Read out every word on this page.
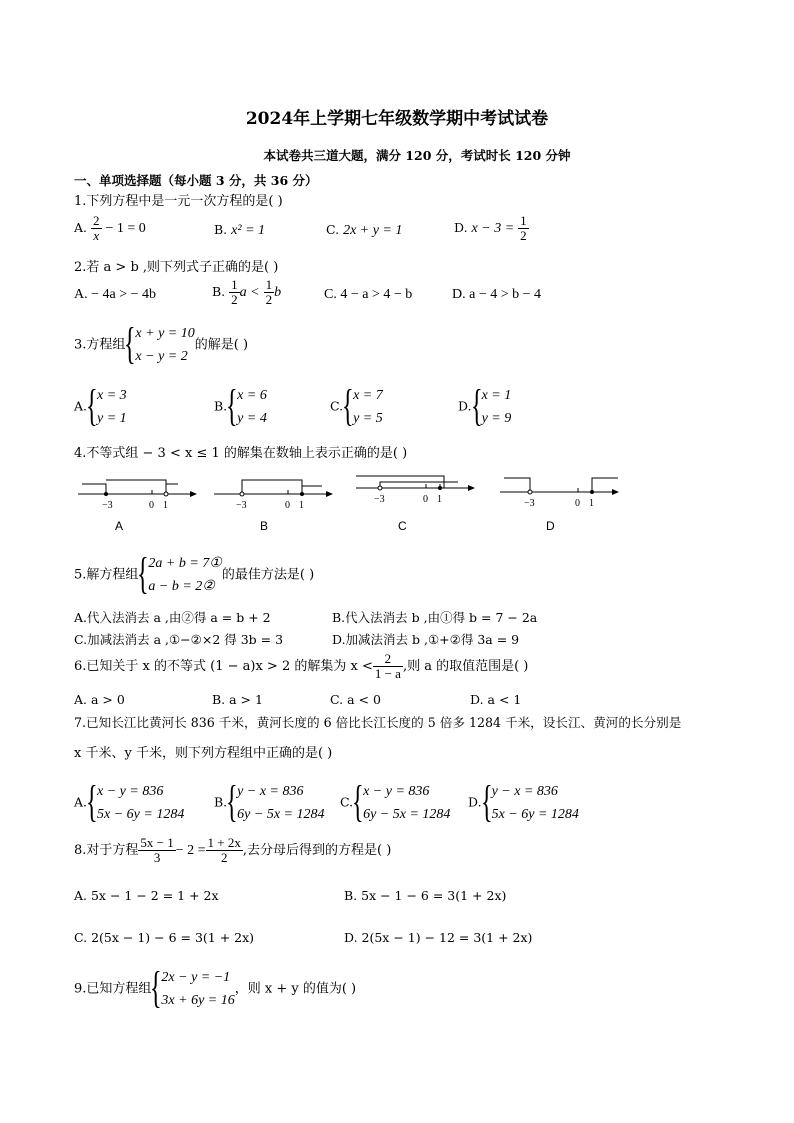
2024年上学期七年级数学期中考试试卷
本试卷共三道大题，满分 120 分，考试时长 120 分钟
一、单项选择题（每小题 3 分，共 36 分）
1.下列方程中是一元一次方程的是( )
A. $\frac{2}{x} - 1 = 0$	B. x² = 1	C. 2x + y = 1	D. $x - 3 = \frac{1}{2}$
2.若 a > b ,则下列式子正确的是( )
A. − 4a > − 4b	B. $\frac{1}{2}$ $a < \frac{1}{2}$ b	C. 4 − a > 4 − b	D. a − 4 > b − 4
3.方程组 { x + y = 10
x − y = 2
的解是( )
A. { x = 3
y = 1
B. { x = 6
y = 4
C. { x = 7
y = 5
D. { x = 1
y = 9
4.不等式组 − 3 < x ≤ 1 的解集在数轴上表示正确的是( )
−3	0 1
A
−3	0 1
B
−3	0 1
C
−3	0 1
D
5.解方程组 { 2a + b = 7①
a − b = 2②
的最佳方法是( )
A.代入法消去 a ,由②得 a = b + 2	B.代入法消去 b ,由①得 b = 7 − 2a
C.加减法消去 a ,①−②×2 得 3b = 3	D.加减法消去 b ,①+②得 3a = 9
6.已知关于 x 的不等式 (1 − a)x > 2 的解集为 $x < \frac{2}{1 - a}$ ,则 a 的取值范围是( )
A. a > 0	B. a > 1	C. a < 0	D. a < 1
7.已知长江比黄河长 836 千米，黄河长度的 6 倍比长江长度的 5 倍多 1284 千米，设长江、黄河的长分别是
x 千米、y 千米，则下列方程组中正确的是( )
A. { x − y = 836
5x − 6y = 1284
B. { y − x = 836
6y − 5x = 1284
C. { x − y = 836
6y − 5x = 1284
D. { y − x = 836
5x − 6y = 1284
8.对于方程 $\frac{5x - 1}{3} - 2 = \frac{1 + 2x}{2}$ ,去分母后得到的方程是( )
A. 5x − 1 − 2 = 1 + 2x	B. 5x − 1 − 6 = 3(1 + 2x)
C. 2(5x − 1) − 6 = 3(1 + 2x)	D. 2(5x − 1) − 12 = 3(1 + 2x)
9.已知方程组 { 2x − y = −1
3x + 6y = 16
，则 x + y 的值为( )
